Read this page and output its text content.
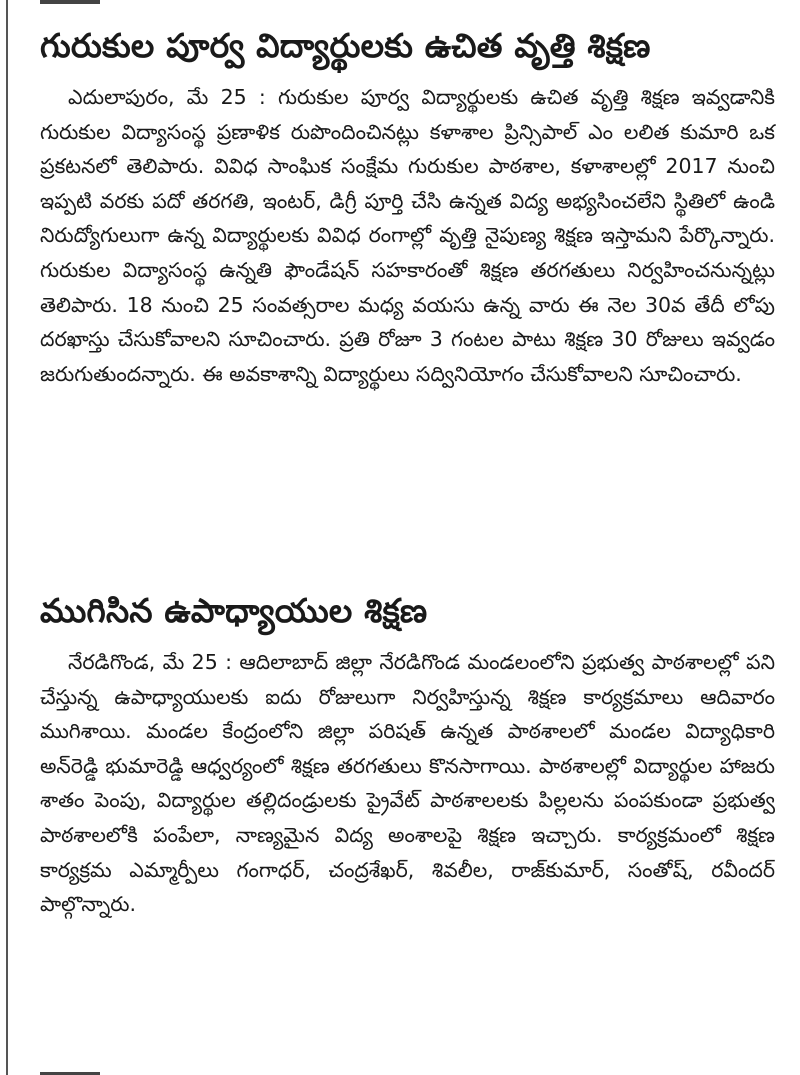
గురుకుల పూర్వ విద్యార్థులకు ఉచిత వృత్తి శిక్షణ

ఎదులాపురం, మే 25 : గురుకుల పూర్వ విద్యార్థులకు ఉచిత వృత్తి శిక్షణ ఇవ్వడానికి గురుకుల విద్యాసంస్థ ప్రణాళిక రుపొందించినట్లు కళాశాల ప్రిన్సిపాల్ ఎం లలిత కుమారి ఒక ప్రకటనలో తెలిపారు. వివిధ సాంఘిక సంక్షేమ గురుకుల పాఠశాల, కళాశాలల్లో 2017 నుంచి ఇప్పటి వరకు పదో తరగతి, ఇంటర్, డిగ్రీ పూర్తి చేసి ఉన్నత విద్య అభ్యసించలేని స్థితిలో ఉండి నిరుద్యోగులుగా ఉన్న విద్యార్థులకు వివిధ రంగాల్లో వృత్తి నైపుణ్య శిక్షణ ఇస్తామని పేర్కొన్నారు. గురుకుల విద్యాసంస్థ ఉన్నతి ఫౌండేషన్ సహకారంతో శిక్షణ తరగతులు నిర్వహించనున్నట్లు తెలిపారు. 18 నుంచి 25 సంవత్సరాల మధ్య వయసు ఉన్న వారు ఈ నెల 30వ తేదీ లోపు దరఖాస్తు చేసుకోవాలని సూచించారు. ప్రతి రోజూ 3 గంటల పాటు శిక్షణ 30 రోజులు ఇవ్వడం జరుగుతుందన్నారు. ఈ అవకాశాన్ని విద్యార్థులు సద్వినియోగం చేసుకోవాలని సూచించారు.

ముగిసిన ఉపాధ్యాయుల శిక్షణ

నేరడిగొండ, మే 25 : ఆదిలాబాద్ జిల్లా నేరడిగొండ మండలంలోని ప్రభుత్వ పాఠశాలల్లో పని చేస్తున్న ఉపాధ్యాయులకు ఐదు రోజులుగా నిర్వహిస్తున్న శిక్షణ కార్యక్రమాలు ఆదివారం ముగిశాయి. మండల కేంద్రంలోని జిల్లా పరిషత్ ఉన్నత పాఠశాలలో మండల విద్యాధికారి అన్‌రెడ్డి భుమారెడ్డి ఆధ్వర్యంలో శిక్షణ తరగతులు కొనసాగాయి. పాఠశాలల్లో విద్యార్థుల హాజరు శాతం పెంపు, విద్యార్థుల తల్లిదండ్రులకు ప్రైవేట్ పాఠశాలలకు పిల్లలను పంపకుండా ప్రభుత్వ పాఠశాలలోకి పంపేలా, నాణ్యమైన విద్య అంశాలపై శిక్షణ ఇచ్చారు. కార్యక్రమంలో శిక్షణ కార్యక్రమ ఎమ్మార్పీలు గంగాధర్, చంద్రశేఖర్, శివలీల, రాజ్‌కుమార్, సంతోష్, రవీందర్ పాల్గొన్నారు.
